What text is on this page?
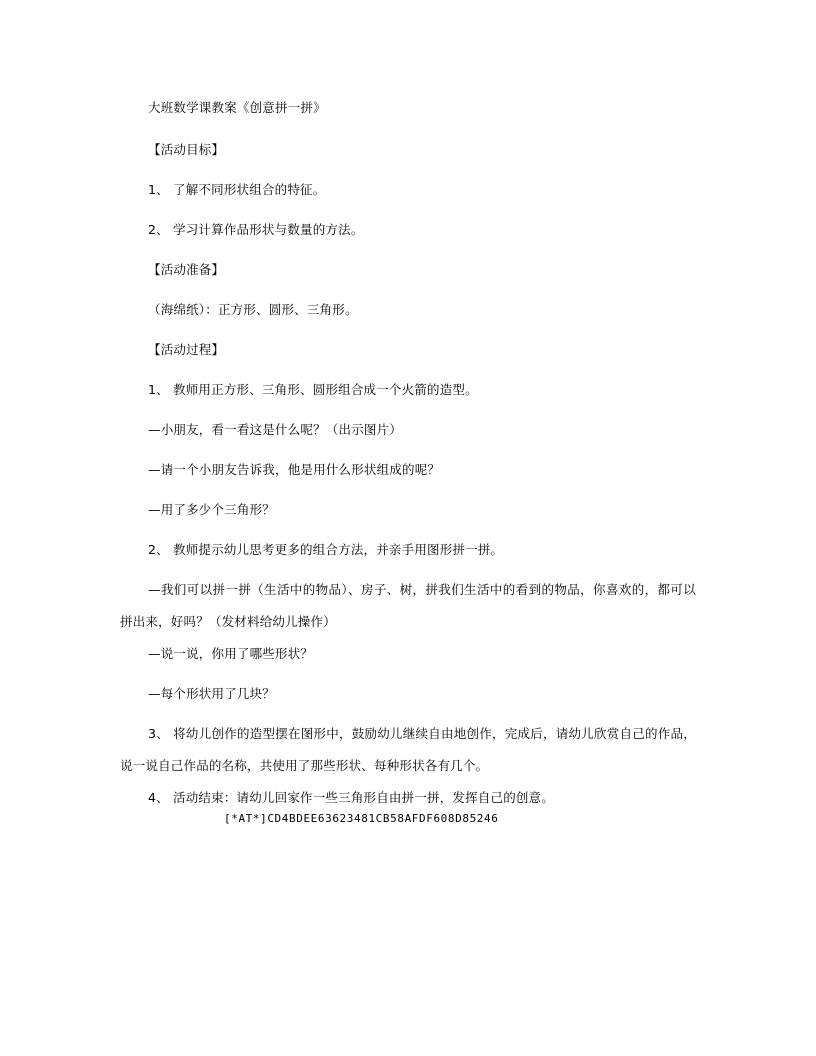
大班数学课教案《创意拼一拼》
【活动目标】
1、 了解不同形状组合的特征。
2、 学习计算作品形状与数量的方法。
【活动准备】
（海绵纸）：正方形、圆形、三角形。
【活动过程】
1、 教师用正方形、三角形、圆形组合成一个火箭的造型。
—小朋友，看一看这是什么呢？（出示图片）
—请一个小朋友告诉我，他是用什么形状组成的呢？
—用了多少个三角形？
2、 教师提示幼儿思考更多的组合方法，并亲手用图形拼一拼。
—我们可以拼一拼（生活中的物品）、房子、树，拼我们生活中的看到的物品，你喜欢的，都可以拼出来，好吗？（发材料给幼儿操作）
—说一说，你用了哪些形状？
—每个形状用了几块？
3、 将幼儿创作的造型摆在图形中，鼓励幼儿继续自由地创作，完成后，请幼儿欣赏自己的作品，说一说自己作品的名称，共使用了那些形状、每种形状各有几个。
4、 活动结束：请幼儿回家作一些三角形自由拼一拼，发挥自己的创意。
[*AT*]CD4BDEE63623481CB58AFDF608D85246
